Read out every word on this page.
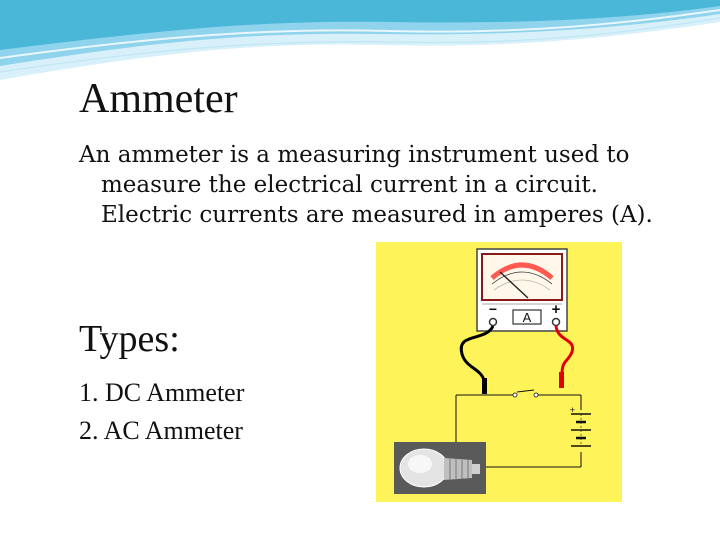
Ammeter
An ammeter is a measuring instrument used to
measure the electrical current in a circuit.
Electric currents are measured in amperes (A).
Types:
1. DC Ammeter
2. AC Ammeter
A
−	+
+
